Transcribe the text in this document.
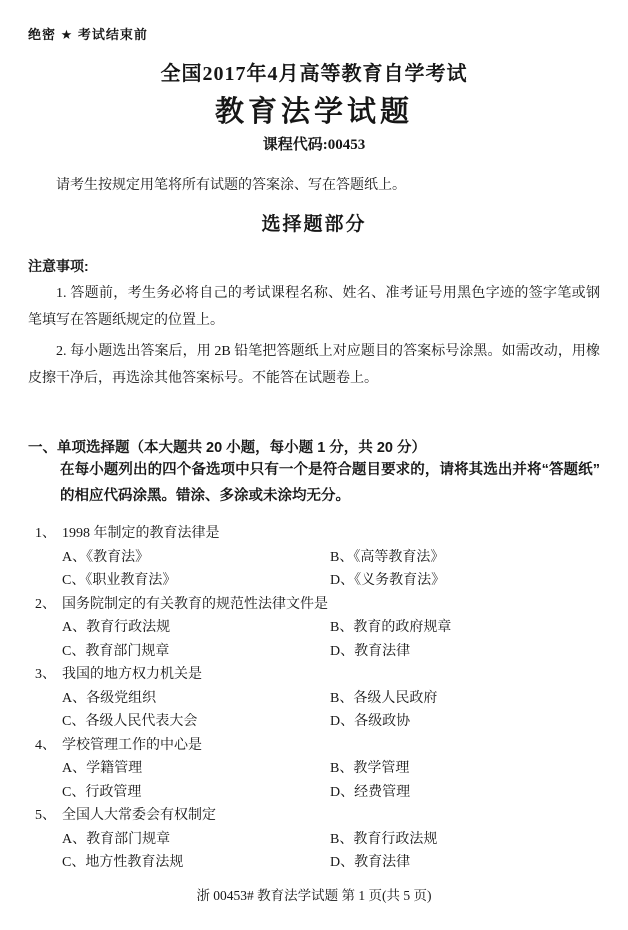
绝密 ★ 考试结束前
全国2017年4月高等教育自学考试
教育法学试题
课程代码:00453
请考生按规定用笔将所有试题的答案涂、写在答题纸上。
选择题部分
注意事项:

1. 答题前，考生务必将自己的考试课程名称、姓名、准考证号用黑色字迹的签字笔或钢笔填写在答题纸规定的位置上。

2. 每小题选出答案后，用 2B 铅笔把答题纸上对应题目的答案标号涂黑。如需改动，用橡皮擦干净后，再选涂其他答案标号。不能答在试题卷上。

一、单项选择题（本大题共 20 小题，每小题 1 分，共 20 分）
在每小题列出的四个备选项中只有一个是符合题目要求的，请将其选出并将“答题纸”的相应代码涂黑。错涂、多涂或未涂均无分。
1、 1998 年制定的教育法律是
A、《教育法》	B、《高等教育法》
C、《职业教育法》	D、《义务教育法》
2、 国务院制定的有关教育的规范性法律文件是
A、教育行政法规	B、教育的政府规章
C、教育部门规章	D、教育法律
3、 我国的地方权力机关是
A、各级党组织	B、各级人民政府
C、各级人民代表大会	D、各级政协
4、 学校管理工作的中心是
A、学籍管理	B、教学管理
C、行政管理	D、经费管理
5、 全国人大常委会有权制定
A、教育部门规章	B、教育行政法规
C、地方性教育法规	D、教育法律
浙 00453# 教育法学试题 第 1 页(共 5 页)
